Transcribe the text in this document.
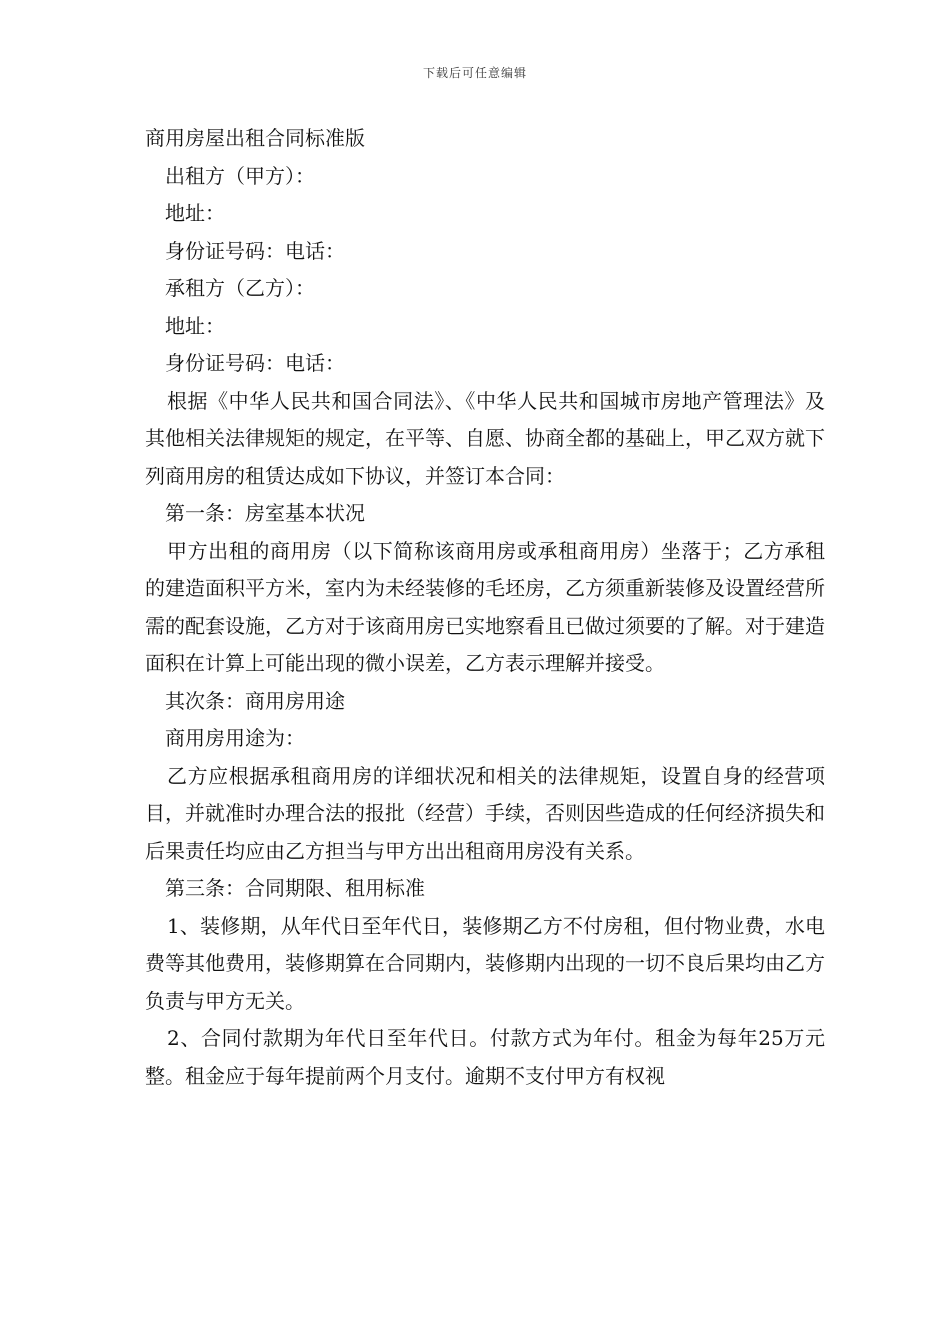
下载后可任意编辑

商用房屋出租合同标准版

出租方（甲方）：

地址：

身份证号码：电话：

承租方（乙方）：

地址：

身份证号码：电话：

根据《中华人民共和国合同法》、《中华人民共和国城市房地产管理法》及其他相关法律规矩的规定，在平等、自愿、协商全都的基础上，甲乙双方就下列商用房的租赁达成如下协议，并签订本合同：

第一条：房室基本状况

甲方出租的商用房（以下简称该商用房或承租商用房）坐落于；乙方承租的建造面积平方米，室内为未经装修的毛坯房，乙方须重新装修及设置经营所需的配套设施，乙方对于该商用房已实地察看且已做过须要的了解。对于建造面积在计算上可能出现的微小误差，乙方表示理解并接受。

其次条：商用房用途

商用房用途为：

乙方应根据承租商用房的详细状况和相关的法律规矩，设置自身的经营项目，并就准时办理合法的报批（经营）手续，否则因些造成的任何经济损失和后果责任均应由乙方担当与甲方出出租商用房没有关系。

第三条：合同期限、租用标准

1、装修期，从年代日至年代日，装修期乙方不付房租，但付物业费，水电费等其他费用，装修期算在合同期内，装修期内出现的一切不良后果均由乙方负责与甲方无关。

2、合同付款期为年代日至年代日。付款方式为年付。租金为每年25万元整。租金应于每年提前两个月支付。逾期不支付甲方有权视
